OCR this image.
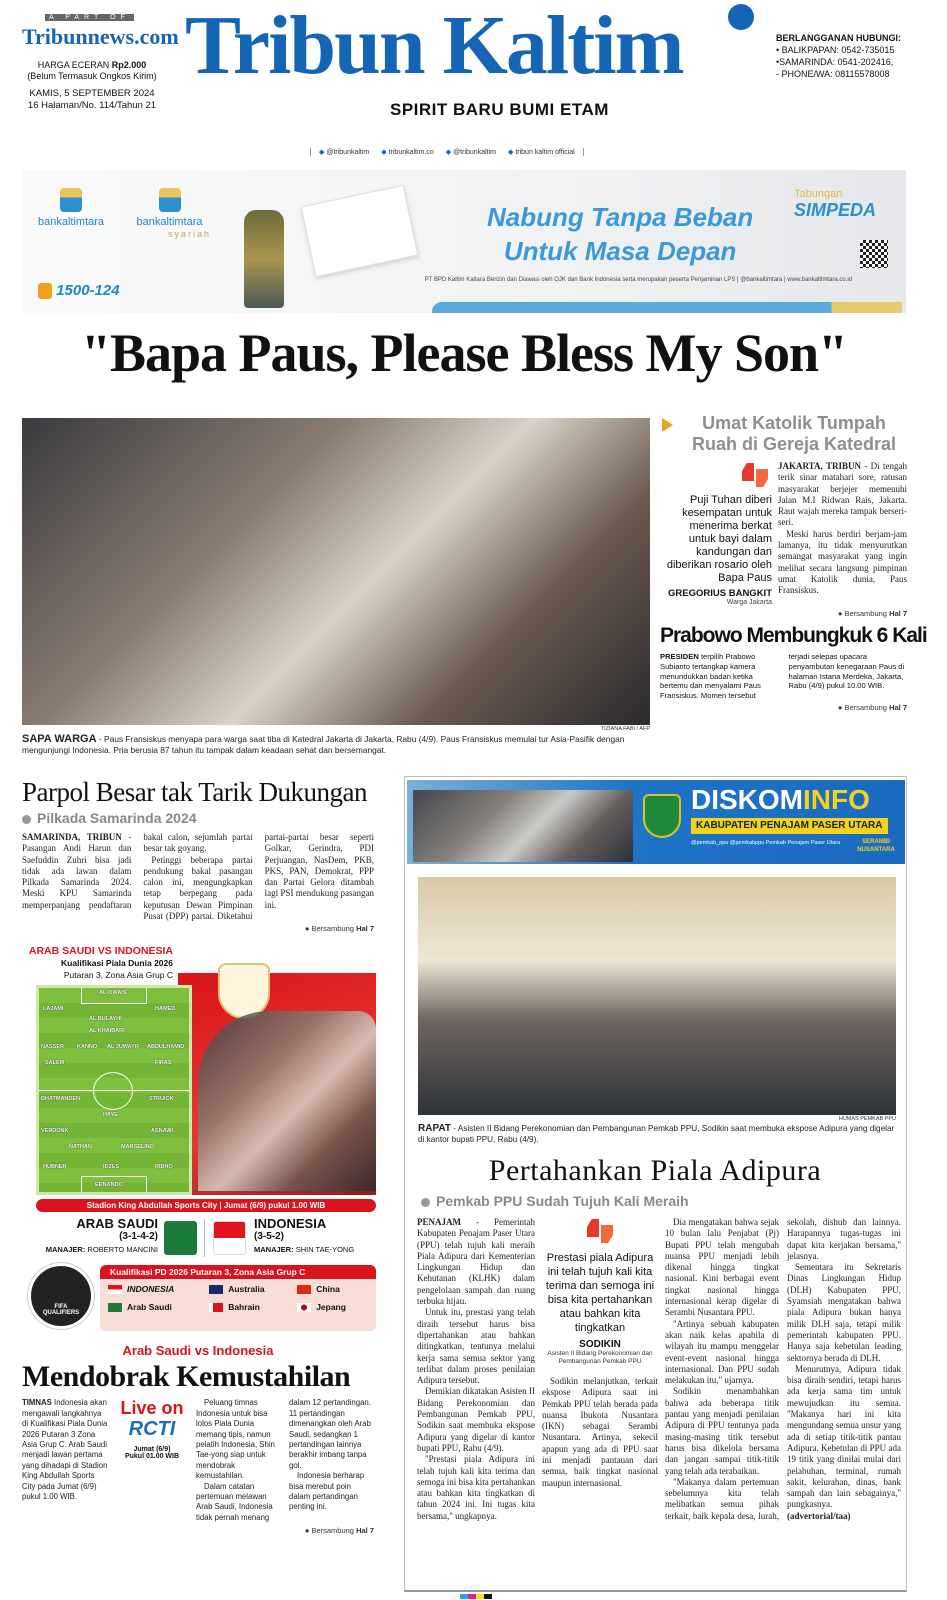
A PART OF
Tribunnews.com
HARGA ECERAN Rp2.000
(Belum Termasuk Ongkos Kirim)
KAMIS, 5 SEPTEMBER 2024
16 Halaman/No. 114/Tahun 21
Tribun Kaltim
SPIRIT BARU BUMI ETAM
BERLANGGANAN HUBUNGI:
• BALIKPAPAN: 0542-735015
•SAMARINDA: 0541-202416,
- PHONE/WA: 08115578008
◆ @tribunkaltim ◆ tribunkaltim.co ◆ @tribunkaltim ◆ tribun kaltim official
bankaltimtara	bankaltimtara
syariah
1500-124
Nabung Tanpa Beban
Untuk Masa Depan
Tabungan
SIMPEDA
PT BPD Kaltim Kaltara Berizin dan Diawasi oleh OJK dan Bank Indonesia serta merupakan peserta Penjaminan LPS | @bankaltimtara | www.bankaltimtara.co.id
"Bapa Paus, Please Bless My Son"
TIZIANA FABI / AFP
SAPA WARGA - Paus Fransiskus menyapa para warga saat tiba di Katedral Jakarta di Jakarta, Rabu (4/9). Paus Fransiskus memulai tur Asia-Pasifik dengan mengunjungi Indonesia. Pria berusia 87 tahun itu tampak dalam keadaan sehat dan bersemangat.
Umat Katolik Tumpah Ruah di Gereja Katedral
Puji Tuhan diberi kesempatan untuk menerima berkat untuk bayi dalam kandungan dan diberikan rosario oleh Bapa Paus
GREGORIUS BANGKIT
Warga Jakarta

JAKARTA, TRIBUN - Di tengah terik sinar matahari sore, ratusan masyarakat berjejer memenuhi Jalan M.I Ridwan Rais, Jakarta. Raut wajah mereka tampak berseri-seri.

Meski harus berdiri berjam-jam lamanya, itu tidak menyurutkan semangat masyarakat yang ingin melihat secara langsung pimpinan umat Katolik dunia, Paus Fransiskus.

● Bersambung Hal 7
Prabowo Membungkuk 6 Kali
PRESIDEN terpilih Prabowo Subianto tertangkap kamera menundukkan badan ketika bertemu dan menyalami Paus Fransiskus. Momen tersebut terjadi selepas upacara penyambutan kenegaraan Paus di halaman Istana Merdeka, Jakarta, Rabu (4/9) pukul 10.00 WIB.
● Bersambung Hal 7
Parpol Besar tak Tarik Dukungan
Pilkada Samarinda 2024

SAMARINDA, TRIBUN - Pasangan Andi Harun dan Saefuddin Zuhri bisa jadi tidak ada lawan dalam Pilkada Samarinda 2024. Meski KPU Samarinda memperpanjang pendaftaran bakal calon, sejumlah partai besar tak goyang.

Petinggi beberapa partai pendukung bakal pasangan calon ini, mengungkapkan tetap berpegang pada keputusan Dewan Pimpinan Pusat (DPP) partai. Diketahui partai-partai besar seperti Golkar, Gerindra, PDI Perjuangan, NasDem, PKB, PKS, PAN, Demokrat, PPP dan Partai Gelora ditambah lagi PSI mendukung pasangan ini.

● Bersambung Hal 7
ARAB SAUDI VS INDONESIA
Kualifikasi Piala Dunia 2026
Putaran 3, Zona Asia Grup C
AL-OWAIS
LAJAMI
AL BULAYHI
HAMED
AL KHAIBARI
NASSER KANNO AL JUWAYR ABDULHAMID
SALEM	FIRAS
DHATMANDEN	STRUICK
HAYE
VERDONK	ASNAWI
NATHAN	MARSELINO
HUBNER	IDZES	RIDHO
ERNANDO
Stadion King Abdullah Sports City | Jumat (6/9) pukul 1.00 WIB
ARAB SAUDI
(3-1-4-2)
MANAJER: ROBERTO MANCINI
INDONESIA
(3-5-2)
MANAJER: SHIN TAE-YONG
Kualifikasi PD 2026 Putaran 3, Zona Asia Grup C
INDONESIA	Australia	China
Arab Saudi	Bahrain	Jepang
FIFA QUALIFIERS
Arab Saudi vs Indonesia
Mendobrak Kemustahilan
TIMNAS Indonesia akan mengawali langkahnya di Kualifikasi Piala Dunia 2026 Putaran 3 Zona Asia Grup C. Arab Saudi menjadi lawan pertama yang dihadapi di Stadion King Abdullah Sports City pada Jumat (6/9) pukul 1.00 WIB.
Live on
RCTI
Jumat (6/9)
Pukul 01.00 WIB

Peluang timnas Indonesia untuk bisa lolos Piala Dunia memang tipis, namun pelatih Indonesia, Shin Tae-yong siap untuk mendobrak kemustahilan.

Dalam catatan pertemuan melawan Arab Saudi, Indonesia tidak pernah menang dalam 12 pertandingan. 11 pertandingan dimenangkan oleh Arab Saudi, sedangkan 1 pertandingan lainnya berakhir imbang tanpa gol.

Indonesia berharap bisa merebut poin dalam pertandingan penting ini.

● Bersambung Hal 7
DISKOMINFO
KABUPATEN PENAJAM PASER UTARA
@pemkab_ppu @pemkabppu Pemkab Penajam Paser Utara	SERAMBI NUSANTARA
HUMAS PEMKAB PPU
RAPAT - Asisten II Bidang Perekonomian dan Pembangunan Pemkab PPU, Sodikin saat membuka ekspose Adipura yang digelar di kantor bupati PPU, Rabu (4/9).
Pertahankan Piala Adipura
Pemkab PPU Sudah Tujuh Kali Meraih

PENAJAM - Pemerintah Kabupaten Penajam Paser Utara (PPU) telah tujuh kali meraih Piala Adipura dari Kementerian Lingkungan Hidup dan Kehutanan (KLHK) dalam pengelolaan sampah dan ruang terbuka hijau.

Untuk itu, prestasi yang telah diraih tersebut harus bisa dipertahankan atau bahkan ditingkatkan, tentunya melalui kerja sama semua sektor yang terlibat dalam proses penilaian Adipura tersebut.

Demikian dikatakan Asisten II Bidang Perekonomian dan Pembangunan Pemkab PPU, Sodikin saat membuka ekspose Adipura yang digelar di kantor bupati PPU, Rabu (4/9).

"Prestasi piala Adipura ini telah tujuh kali kita terima dan semoga ini bisa kita pertahankan atau bahkan kita tingkatkan di tahun 2024 ini. Ini tugas kita bersama," ungkapnya.

Prestasi piala Adipura ini telah tujuh kali kita terima dan semoga ini bisa kita pertahankan atau bahkan kita tingkatkan
SODIKIN
Asisten II Bidang Perekonomian dan Pembangunan Pemkab PPU

Sodikin melanjutkan, terkait ekspose Adipura saat ini Pemkab PPU telah berada pada nuansa Ibukota Nusantara (IKN) sebagai Serambi Nusantara. Artinya, sekecil apapun yang ada di PPU saat ini menjadi pantauan dari semua, baik tingkat nasional maupun internasional.

Dia mengatakan bahwa sejak 10 bulan lalu Penjabat (Pj) Bupati PPU telah mengubah nuansa PPU menjadi lebih dikenal hingga tingkat nasional. Kini berbagai event tingkat nasional hingga internasional kerap digelar di Serambi Nusantara PPU.

"Artinya sebuah kabupaten akan naik kelas apabila di wilayah itu mampu menggelar event-event nasional hingga internasional. Dan PPU sudah melakukan itu," ujarnya.

Sodikin menambahkan bahwa ada beberapa titik pantau yang menjadi penilaian Adipura di PPU tentunya pada masing-masing titik tersebut harus bisa dikelola bersama dan jangan sampai titik-titik yang telah ada terabaikan.

"Makanya dalam pertemuan sebelumnya kita telah melibatkan semua pihak terkait, baik kepala desa, lurah, sekolah, dishub dan lainnya. Harapannya tugas-tugas ini dapat kita kerjakan bersama," jelasnya.

Sementara itu Sekretaris Dinas Lingkungan Hidup (DLH) Kabupaten PPU, Syamsiah mengatakan bahwa piala Adipura bukan hanya milik DLH saja, tetapi milik pemerintah kabupaten PPU. Hanya saja kebetulan leading sektornya berada di DLH.

Menurutnya, Adipura tidak bisa diraih sendiri, tetapi harus ada kerja sama tim untuk mewujudkan itu semua. "Makanya hari ini kita mengundang semua unsur yang ada di setiap titik-titik pantau Adipura. Kebetulan di PPU ada 19 titik yang dinilai mulai dari pelabuhan, terminal, rumah sakit, kelurahan, dinas, bank sampah dan lain sebagainya," pungkasnya.

(advertorial/taa)
